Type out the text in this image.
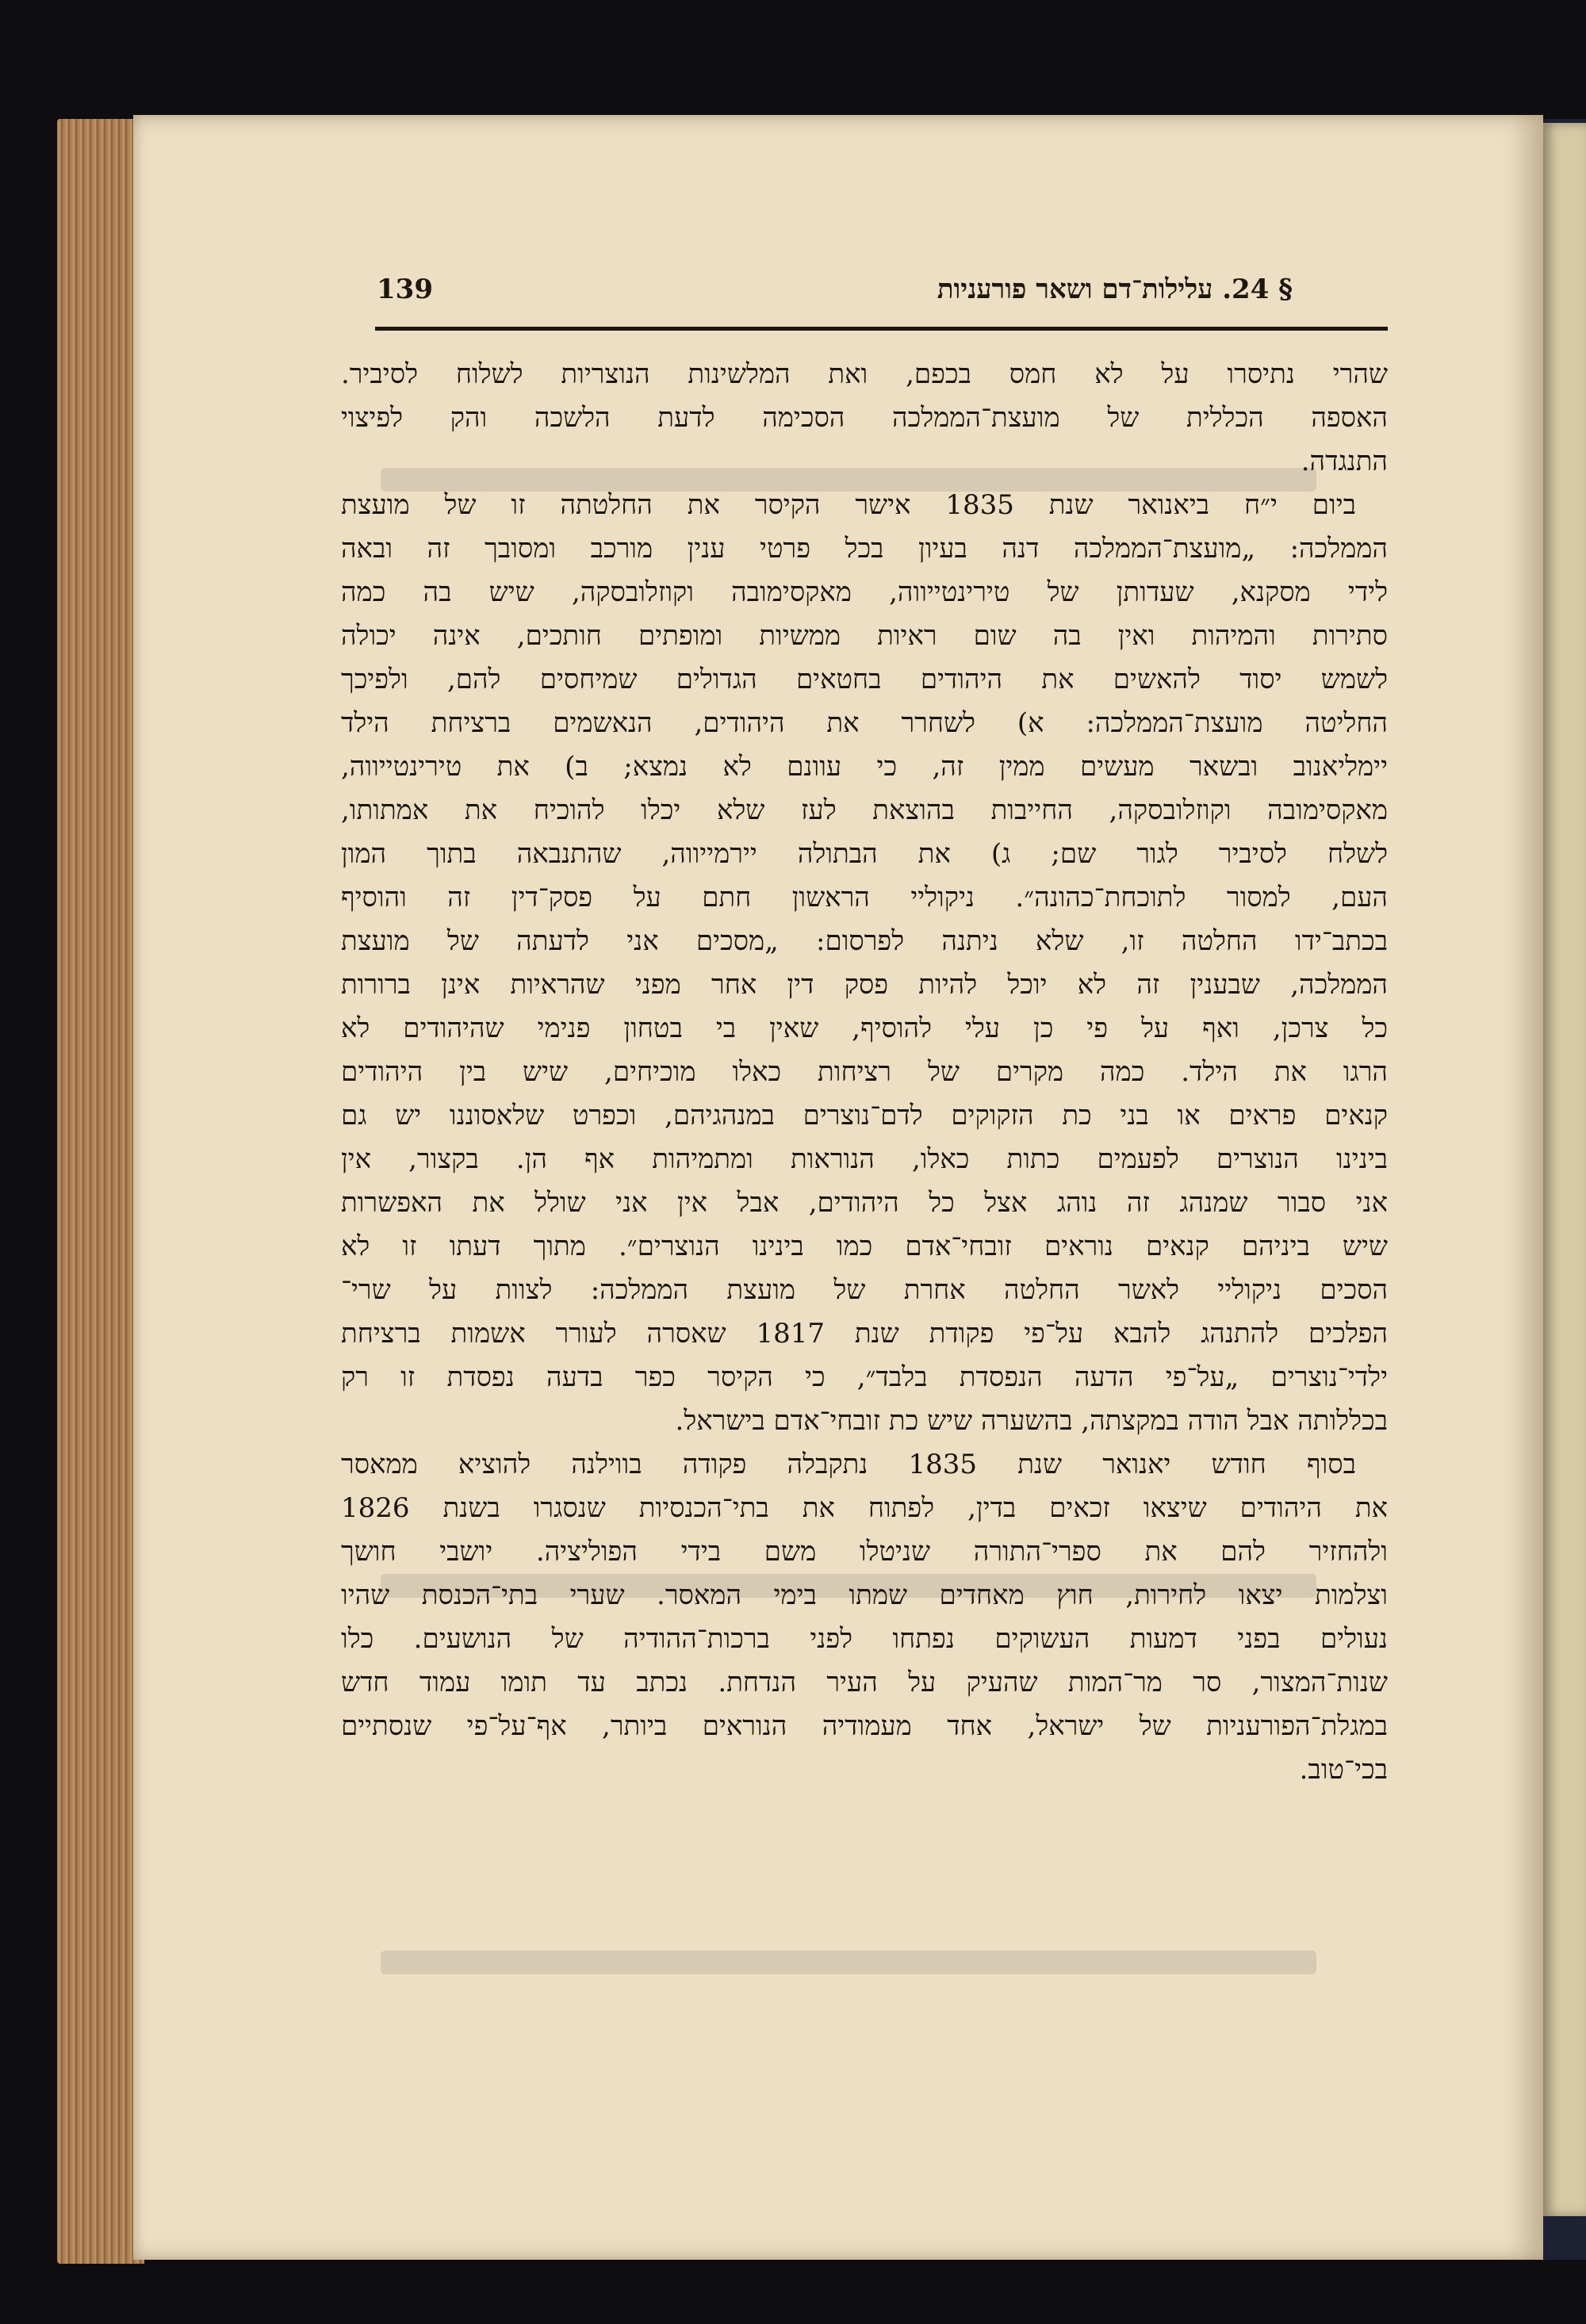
139	§ 24. עלילות־דם ושאר פורעניות
שהרי נתיסרו על לא חמס בכפם, ואת המלשינות הנוצריות לשלוח לסיביר.
האספה הכללית של מועצת־הממלכה הסכימה לדעת הלשכה והק לפיצוי
התנגדה.
ביום י״ח ביאנואר שנת 1835 אישר הקיסר את החלטתה זו של מועצת
הממלכה: „מועצת־הממלכה דנה בעיון בכל פרטי ענין מורכב ומסובך זה ובאה
לידי מסקנא, שעדותן של טירינטייווה, מאקסימובה וקוזלובסקה, שיש בה כמה
סתירות והמיהות ואין בה שום ראיות ממשיות ומופתים חותכים, אינה יכולה
לשמש יסוד להאשים את היהודים בחטאים הגדולים שמיחסים להם, ולפיכך
החליטה מועצת־הממלכה: א) לשחרר את היהודים, הנאשמים ברציחת הילד
יימליאנוב ובשאר מעשים ממין זה, כי עוונם לא נמצא; ב) את טירינטייווה,
מאקסימובה וקוזלובסקה, החייבות בהוצאת לעז שלא יכלו להוכיח את אמתותו,
לשלח לסיביר לגור שם; ג) את הבתולה יירמייווה, שהתנבאה בתוך המון
העם, למסור לתוכחת־כהונה״. ניקוליי הראשון חתם על פסק־דין זה והוסיף
בכתב־ידו החלטה זו, שלא ניתנה לפרסום: „מסכים אני לדעתה של מועצת
הממלכה, שבענין זה לא יוכל להיות פסק דין אחר מפני שהראיות אינן ברורות
כל צרכן, ואף על פי כן עלי להוסיף, שאין בי בטחון פנימי שהיהודים לא
הרגו את הילד. כמה מקרים של רציחות כאלו מוכיחים, שיש בין היהודים
קנאים פראים או בני כת הזקוקים לדם־נוצרים במנהגיהם, וכפרט שלאסוננו יש גם
בינינו הנוצרים לפעמים כתות כאלו, הנוראות ומתמיהות אף הן. בקצור, אין
אני סבור שמנהג זה נוהג אצל כל היהודים, אבל אין אני שולל את האפשרות
שיש ביניהם קנאים נוראים זובחי־אדם כמו בינינו הנוצרים״. מתוך דעתו זו לא
הסכים ניקוליי לאשר החלטה אחרת של מועצת הממלכה: לצוות על שרי־
הפלכים להתנהג להבא על־פי פקודת שנת 1817 שאסרה לעורר אשמות ברציחת
ילדי־נוצרים „על־פי הדעה הנפסדת בלבד״, כי הקיסר כפר בדעה נפסדת זו רק
בכללותה אבל הודה במקצתה, בהשערה שיש כת זובחי־אדם בישראל.
בסוף חודש יאנואר שנת 1835 נתקבלה פקודה בווילנה להוציא ממאסר
את היהודים שיצאו זכאים בדין, לפתוח את בתי־הכנסיות שנסגרו בשנת 1826
ולהחזיר להם את ספרי־התורה שניטלו משם בידי הפוליציה. יושבי חושך
וצלמות יצאו לחירות, חוץ מאחדים שמתו בימי המאסר. שערי בתי־הכנסת שהיו
נעולים בפני דמעות העשוקים נפתחו לפני ברכות־ההודיה של הנושעים. כלו
שנות־המצור, סר מר־המות שהעיק על העיר הנדחת. נכתב עד תומו עמוד חדש
במגלת־הפורעניות של ישראל, אחד מעמודיה הנוראים ביותר, אף־על־פי שנסתיים
בכי־טוב.
